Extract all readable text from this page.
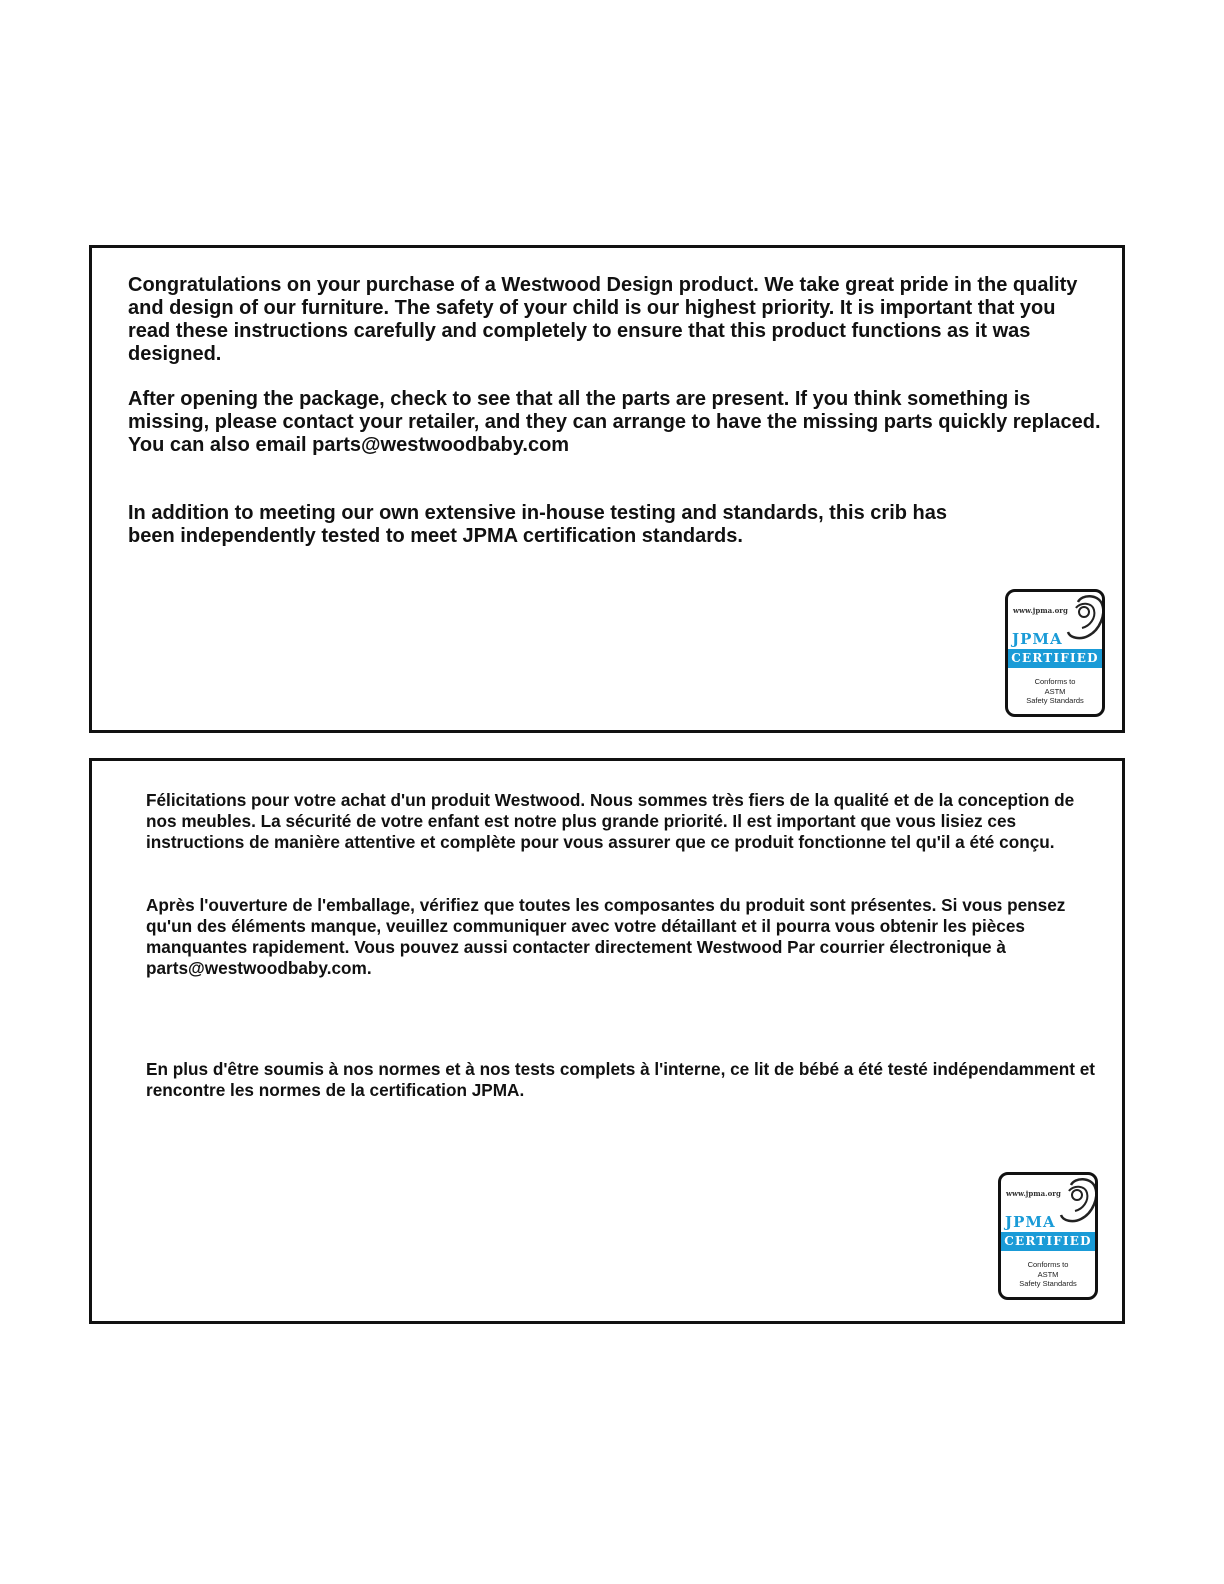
Congratulations on your purchase of a Westwood Design product. We take great pride in the quality and design of our furniture. The safety of your child is our highest priority. It is important that you read these instructions carefully and completely to ensure that this product functions as it was designed.

After opening the package, check to see that all the parts are present. If you think something is missing, please contact your retailer, and they can arrange to have the missing parts quickly replaced. You can also email parts@westwoodbaby.com

In addition to meeting our own extensive in-house testing and standards, this crib has been independently tested to meet JPMA certification standards.

www.jpma.org
JPMA
CERTIFIED
Conforms to
ASTM
Safety Standards

Félicitations pour votre achat d'un produit Westwood. Nous sommes très fiers de la qualité et de la conception de nos meubles. La sécurité de votre enfant est notre plus grande priorité. Il est important que vous lisiez ces instructions de manière attentive et complète pour vous assurer que ce produit fonctionne tel qu'il a été conçu.

Après l'ouverture de l'emballage, vérifiez que toutes les composantes du produit sont présentes. Si vous pensez qu'un des éléments manque, veuillez communiquer avec votre détaillant et il pourra vous obtenir les pièces manquantes rapidement. Vous pouvez aussi contacter directement Westwood Par courrier électronique à parts@westwoodbaby.com.

En plus d'être soumis à nos normes et à nos tests complets à l'interne, ce lit de bébé a été testé indépendamment et rencontre les normes de la certification JPMA.

www.jpma.org
JPMA
CERTIFIED
Conforms to
ASTM
Safety Standards
